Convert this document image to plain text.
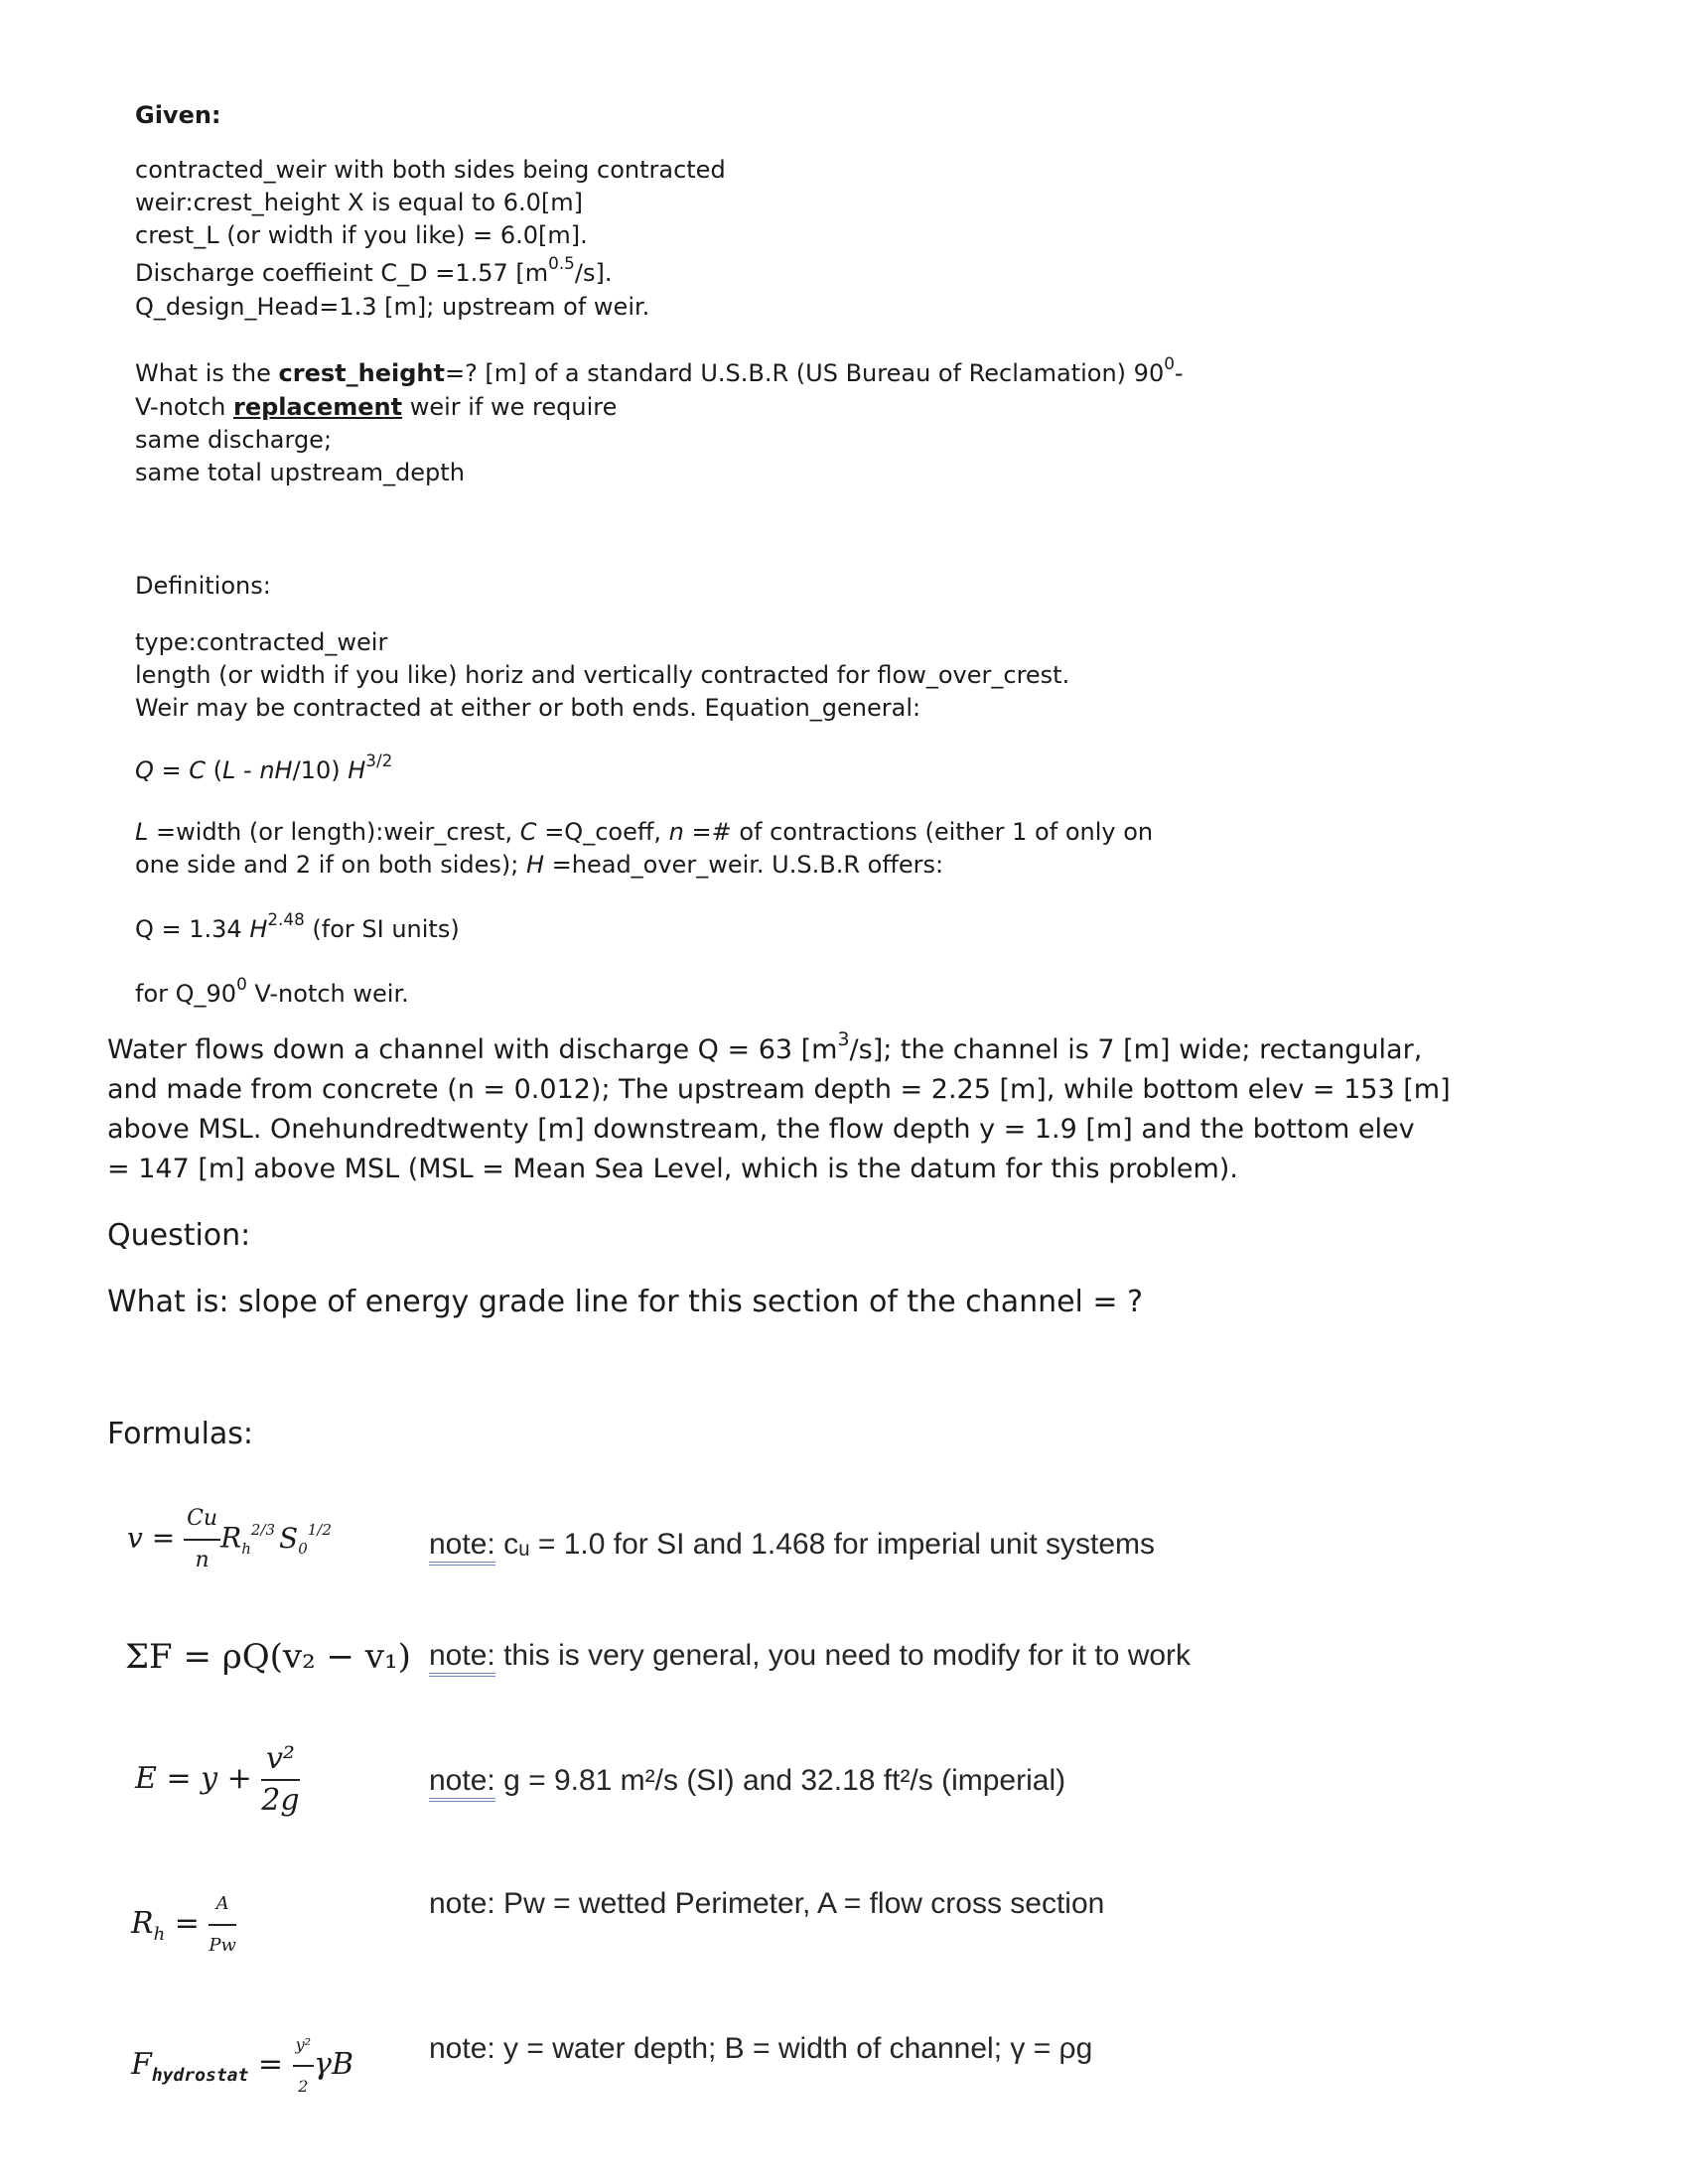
Given:
contracted_weir with both sides being contracted
weir:crest_height X is equal to 6.0[m]
crest_L (or width if you like) = 6.0[m].
Discharge coeffieint C_D =1.57 $[m^{0.5}/s]$.
Q_design_Head=1.3 [m]; upstream of weir.
What is the crest_height=? [m] of a standard U.S.B.R (US Bureau of Reclamation) $90^0-$
V-notch replacement weir if we require
same discharge;
same total upstream_depth
Definitions:
type:contracted_weir
length (or width if you like) horiz and vertically contracted for flow_over_crest.
Weir may be contracted at either or both ends. Equation_general:
Q = C (L - nH/10) $H^{3/2}$
L =width (or length):weir_crest, C =Q_coeff, n =# of contractions (either 1 of only on
one side and 2 if on both sides); H =head_over_weir. U.S.B.R offers:
Q = 1.34 $H^{2.48}$ (for SI units)
for $Q\_90^0$ V-notch weir.
Water flows down a channel with discharge Q = 63 $[m^3/s]$; the channel is 7 [m] wide; rectangular,
and made from concrete (n = 0.012); The upstream depth = 2.25 [m], while bottom elev = 153 [m]
above MSL. Onehundredtwenty [m] downstream, the flow depth y = 1.9 [m] and the bottom elev
= 147 [m] above MSL (MSL = Mean Sea Level, which is the datum for this problem).
Question:
What is: slope of energy grade line for this section of the channel = ?
Formulas:
$v = \frac{Cu}{n} R_h^{2/3}$ $S_0^{1/2}$	note: cᵤ = 1.0 for SI and 1.468 for imperial unit systems
ΣF = ρQ(v₂ − v₁) note: this is very general, you need to modify for it to work
$E = y + \frac{\text{v²}}{2g}$	note: g = 9.81 m²/s (SI) and 32.18 ft²/s (imperial)
$R_h = \frac{A}{Pw}$	note: Pw = wetted Perimeter, A = flow cross section
$F_{hydrostat} = \frac{\text{y²}}{2}$ γB	note: y = water depth; B = width of channel; γ = ρg
